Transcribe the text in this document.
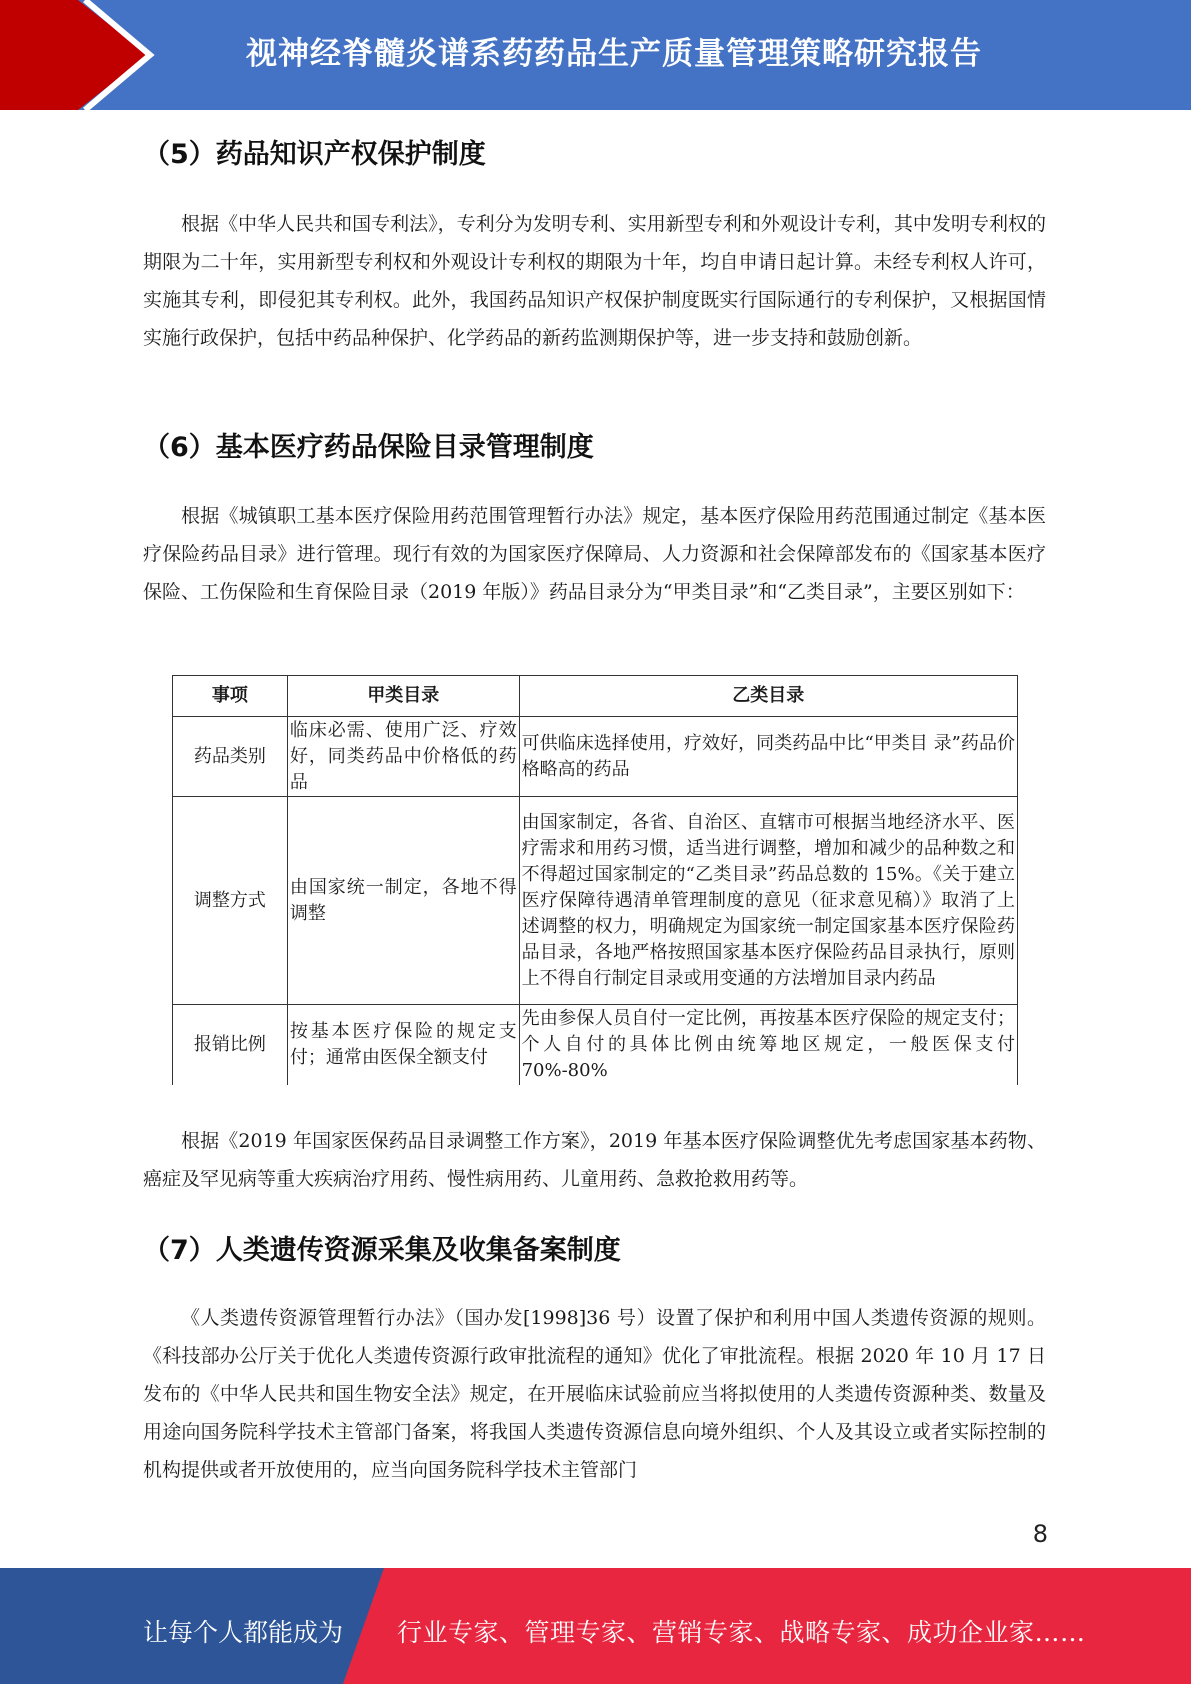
视神经脊髓炎谱系药药品生产质量管理策略研究报告
（5）药品知识产权保护制度

根据《中华人民共和国专利法》，专利分为发明专利、实用新型专利和外观设计专利，其中发明专利权的期限为二十年，实用新型专利权和外观设计专利权的期限为十年，均自申请日起计算。未经专利权人许可，实施其专利，即侵犯其专利权。此外，我国药品知识产权保护制度既实行国际通行的专利保护，又根据国情实施行政保护，包括中药品种保护、化学药品的新药监测期保护等，进一步支持和鼓励创新。

（6）基本医疗药品保险目录管理制度

根据《城镇职工基本医疗保险用药范围管理暂行办法》规定，基本医疗保险用药范围通过制定《基本医疗保险药品目录》进行管理。现行有效的为国家医疗保障局、人力资源和社会保障部发布的《国家基本医疗保险、工伤保险和生育保险目录（2019 年版）》药品目录分为“甲类目录”和“乙类目录”，主要区别如下：

事项	甲类目录	乙类目录
药品类别	临床必需、使用广泛、疗效好，同类药品中价格低的药品	可供临床选择使用，疗效好，同类药品中比“甲类目 录”药品价格略高的药品
调整方式	由国家统一制定，各地不得调整	由国家制定，各省、自治区、直辖市可根据当地经济水平、医疗需求和用药习惯，适当进行调整，增加和减少的品种数之和不得超过国家制定的“乙类目录”药品总数的 15%。《关于建立医疗保障待遇清单管理制度的意见（征求意见稿）》取消了上述调整的权力，明确规定为国家统一制定国家基本医疗保险药品目录，各地严格按照国家基本医疗保险药品目录执行，原则上不得自行制定目录或用变通的方法增加目录内药品
报销比例	按基本医疗保险的规定支付；通常由医保全额支付	先由参保人员自付一定比例，再按基本医疗保险的规定支付；个人自付的具体比例由统筹地区规定，一般医保支付 70%-80%

根据《2019 年国家医保药品目录调整工作方案》，2019 年基本医疗保险调整优先考虑国家基本药物、癌症及罕见病等重大疾病治疗用药、慢性病用药、儿童用药、急救抢救用药等。

（7）人类遗传资源采集及收集备案制度

《人类遗传资源管理暂行办法》（国办发[1998]36 号）设置了保护和利用中国人类遗传资源的规则。《科技部办公厅关于优化人类遗传资源行政审批流程的通知》优化了审批流程。根据 2020 年 10 月 17 日发布的《中华人民共和国生物安全法》规定，在开展临床试验前应当将拟使用的人类遗传资源种类、数量及用途向国务院科学技术主管部门备案，将我国人类遗传资源信息向境外组织、个人及其设立或者实际控制的机构提供或者开放使用的，应当向国务院科学技术主管部门

8
让每个人都能成为 行业专家、管理专家、营销专家、战略专家、成功企业家……
